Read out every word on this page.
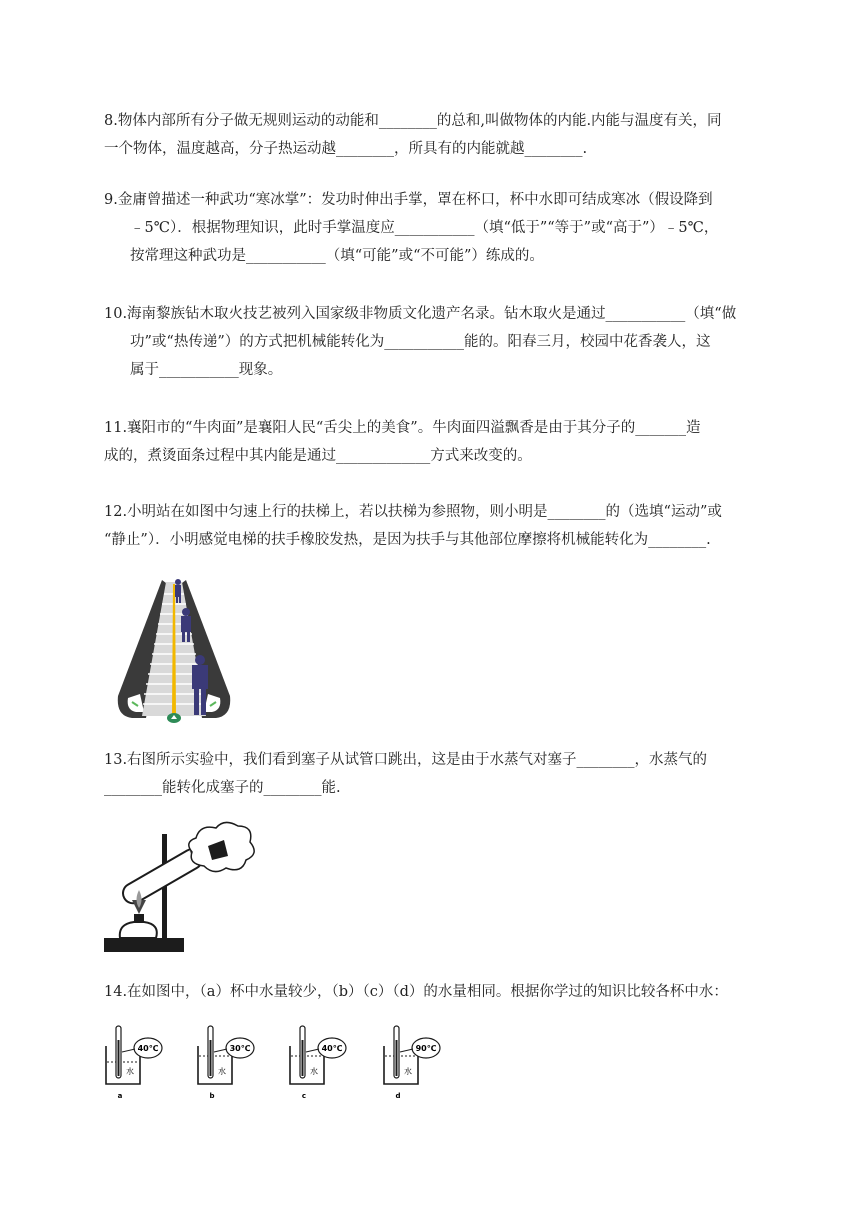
8.物体内部所有分子做无规则运动的动能和________的总和,叫做物体的内能.内能与温度有关，同
一个物体，温度越高，分子热运动越________，所具有的内能就越________.
9.金庸曾描述一种武功“寒冰掌”：发功时伸出手掌，罩在杯口，杯中水即可结成寒冰（假设降到
﹣5℃）．根据物理知识，此时手掌温度应___________（填“低于”“等于”或“高于”）﹣5℃，
按常理这种武功是___________（填“可能”或“不可能”）练成的。
10.海南黎族钻木取火技艺被列入国家级非物质文化遗产名录。钻木取火是通过___________（填“做
功”或“热传递”）的方式把机械能转化为___________能的。阳春三月，校园中花香袭人，这
属于___________现象。
11.襄阳市的“牛肉面”是襄阳人民“舌尖上的美食”。牛肉面四溢飘香是由于其分子的_______造
成的，煮烫面条过程中其内能是通过_____________方式来改变的。
12.小明站在如图中匀速上行的扶梯上，若以扶梯为参照物，则小明是________的（选填“运动”或
“静止”）．小明感觉电梯的扶手橡胶发热，是因为扶手与其他部位摩擦将机械能转化为________.
13.右图所示实验中，我们看到塞子从试管口跳出，这是由于水蒸气对塞子________，水蒸气的
________能转化成塞子的________能.
14.在如图中，（a）杯中水量较少，（b）（c）（d）的水量相同。根据你学过的知识比较各杯中水：
40℃
水
a
30℃
水
b
40℃
水
c
90℃
水
d
